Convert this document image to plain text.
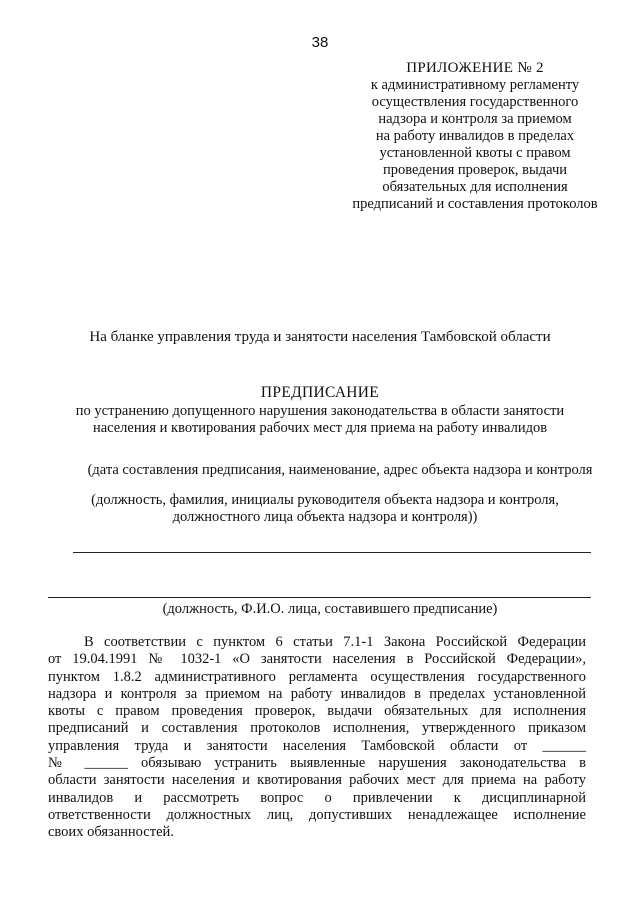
38
ПРИЛОЖЕНИЕ № 2
к административному регламенту
осуществления государственного
надзора и контроля за приемом
на работу инвалидов в пределах
установленной квоты с правом
проведения проверок, выдачи
обязательных для исполнения
предписаний и составления протоколов
На бланке управления труда и занятости населения Тамбовской области
ПРЕДПИСАНИЕ
по устранению допущенного нарушения законодательства в области занятости
населения и квотирования рабочих мест для приема на работу инвалидов
(дата составления предписания, наименование, адрес объекта надзора и контроля
(должность, фамилия, инициалы руководителя объекта надзора и контроля,
должностного лица объекта надзора и контроля))
(должность, Ф.И.О. лица, составившего предписание)
В соответствии с пунктом 6 статьи 7.1-1 Закона Российской Федерации
от 19.04.1991 № 1032-1 «О занятости населения в Российской Федерации»,
пунктом 1.8.2 административного регламента осуществления государственного
надзора и контроля за приемом на работу инвалидов в пределах установленной
квоты с правом проведения проверок, выдачи обязательных для исполнения
предписаний и составления протоколов исполнения, утвержденного приказом
управления труда и занятости населения Тамбовской области от ______
№ ______ обязываю устранить выявленные нарушения законодательства в
области занятости населения и квотирования рабочих мест для приема на работу
инвалидов и рассмотреть вопрос о привлечении к дисциплинарной
ответственности должностных лиц, допустивших ненадлежащее исполнение
своих обязанностей.
